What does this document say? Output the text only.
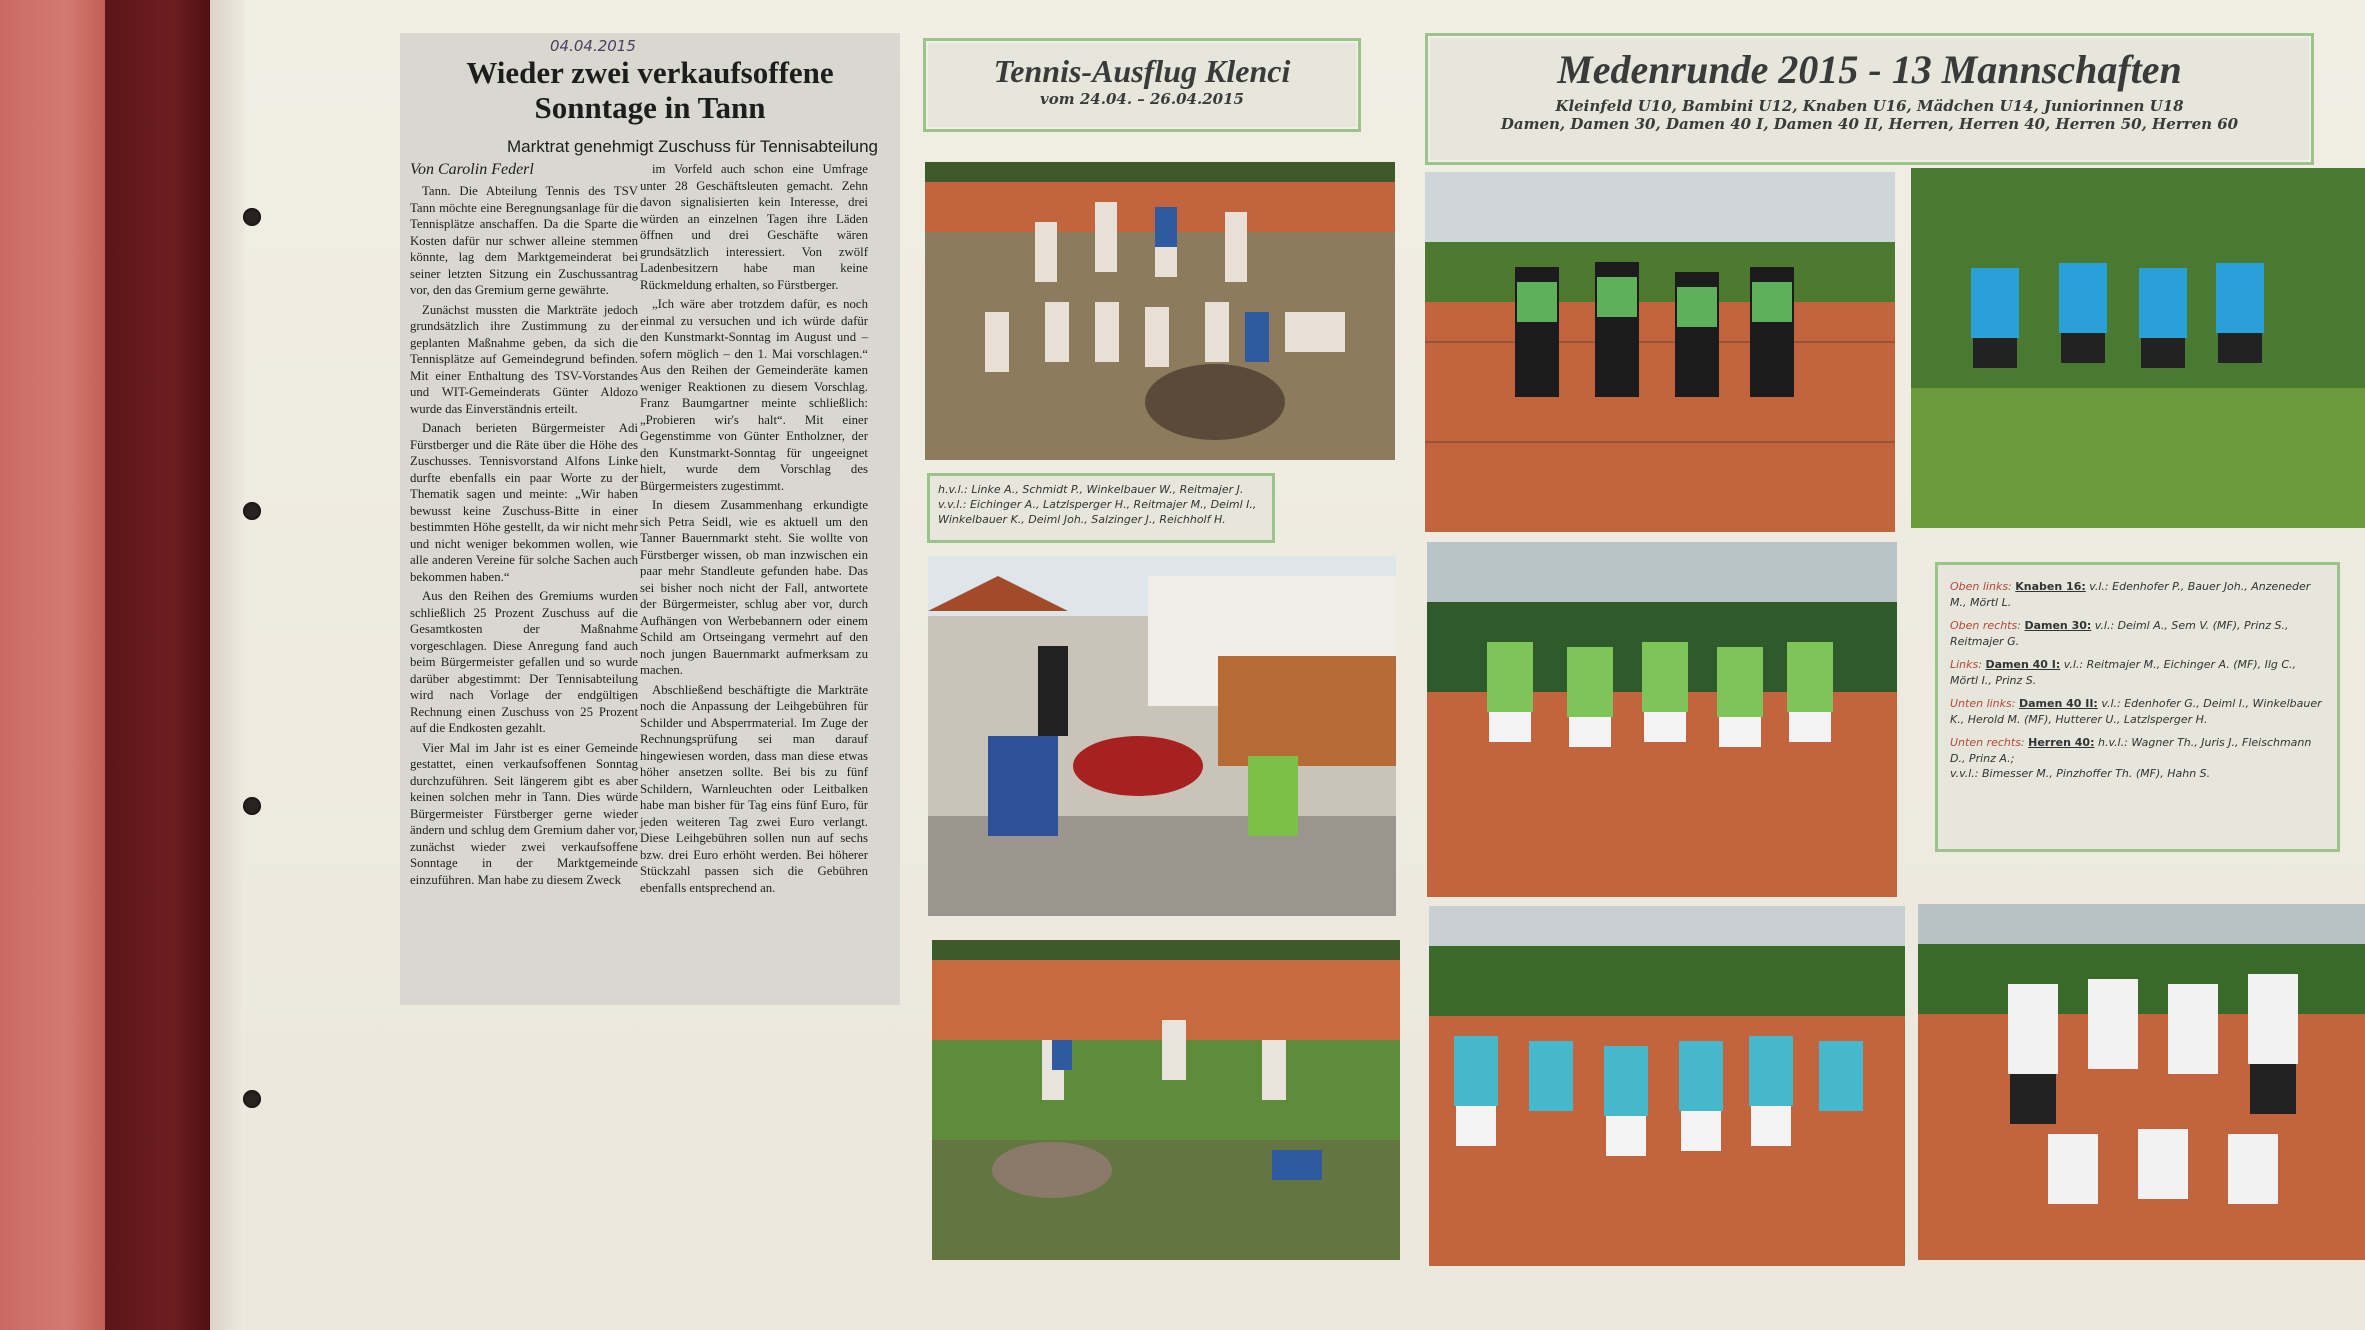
04.04.2015
Wieder zwei verkaufsoffene
Sonntage in Tann
Marktrat genehmigt Zuschuss für Tennisabteilung
Von Carolin Federl

Tann. Die Abteilung Tennis des TSV Tann möchte eine Beregnungsanlage für die Tennisplätze anschaffen. Da die Sparte die Kosten dafür nur schwer alleine stemmen könnte, lag dem Marktgemeinderat bei seiner letzten Sitzung ein Zuschussantrag vor, den das Gremium gerne gewährte.

Zunächst mussten die Markträte jedoch grundsätzlich ihre Zustimmung zu der geplanten Maßnahme geben, da sich die Tennisplätze auf Gemeindegrund befinden. Mit einer Enthaltung des TSV-Vorstandes und WIT-Gemeinderats Günter Aldozo wurde das Einverständnis erteilt.

Danach berieten Bürgermeister Adi Fürstberger und die Räte über die Höhe des Zuschusses. Tennisvorstand Alfons Linke durfte ebenfalls ein paar Worte zu der Thematik sagen und meinte: „Wir haben bewusst keine Zuschuss-Bitte in einer bestimmten Höhe gestellt, da wir nicht mehr und nicht weniger bekommen wollen, wie alle anderen Vereine für solche Sachen auch bekommen haben.“

Aus den Reihen des Gremiums wurden schließlich 25 Prozent Zuschuss auf die Gesamtkosten der Maßnahme vorgeschlagen. Diese Anregung fand auch beim Bürgermeister gefallen und so wurde darüber abgestimmt: Der Tennisabteilung wird nach Vorlage der endgültigen Rechnung einen Zuschuss von 25 Prozent auf die Endkosten gezahlt.

Vier Mal im Jahr ist es einer Gemeinde gestattet, einen verkaufsoffenen Sonntag durchzuführen. Seit längerem gibt es aber keinen solchen mehr in Tann. Dies würde Bürgermeister Fürstberger gerne wieder ändern und schlug dem Gremium daher vor, zunächst wieder zwei verkaufsoffene Sonntage in der Marktgemeinde einzuführen. Man habe zu diesem Zweck

im Vorfeld auch schon eine Umfrage unter 28 Geschäftsleuten gemacht. Zehn davon signalisierten kein Interesse, drei würden an einzelnen Tagen ihre Läden öffnen und drei Geschäfte wären grundsätzlich interessiert. Von zwölf Ladenbesitzern habe man keine Rückmeldung erhalten, so Fürstberger.

„Ich wäre aber trotzdem dafür, es noch einmal zu versuchen und ich würde dafür den Kunstmarkt-Sonntag im August und – sofern möglich – den 1. Mai vorschlagen.“ Aus den Reihen der Gemeinderäte kamen weniger Reaktionen zu diesem Vorschlag. Franz Baumgartner meinte schließlich: „Probieren wir's halt“. Mit einer Gegenstimme von Günter Entholzner, der den Kunstmarkt-Sonntag für ungeeignet hielt, wurde dem Vorschlag des Bürgermeisters zugestimmt.

In diesem Zusammenhang erkundigte sich Petra Seidl, wie es aktuell um den Tanner Bauernmarkt steht. Sie wollte von Fürstberger wissen, ob man inzwischen ein paar mehr Standleute gefunden habe. Das sei bisher noch nicht der Fall, antwortete der Bürgermeister, schlug aber vor, durch Aufhängen von Werbebannern oder einem Schild am Ortseingang vermehrt auf den noch jungen Bauernmarkt aufmerksam zu machen.

Abschließend beschäftigte die Markträte noch die Anpassung der Leihgebühren für Schilder und Absperrmaterial. Im Zuge der Rechnungsprüfung sei man darauf hingewiesen worden, dass man diese etwas höher ansetzen sollte. Bei bis zu fünf Schildern, Warnleuchten oder Leitbalken habe man bisher für Tag eins fünf Euro, für jeden weiteren Tag zwei Euro verlangt. Diese Leihgebühren sollen nun auf sechs bzw. drei Euro erhöht werden. Bei höherer Stückzahl passen sich die Gebühren ebenfalls entsprechend an.

Tennis-Ausflug Klenci
vom 24.04. – 26.04.2015
Medenrunde 2015 - 13 Mannschaften
Kleinfeld U10, Bambini U12, Knaben U16, Mädchen U14, Juniorinnen U18
Damen, Damen 30, Damen 40 I, Damen 40 II, Herren, Herren 40, Herren 50, Herren 60
h.v.l.: Linke A., Schmidt P., Winkelbauer W., Reitmajer J.
v.v.l.: Eichinger A., Latzlsperger H., Reitmajer M., Deiml I.,
Winkelbauer K., Deiml Joh., Salzinger J., Reichholf H.
Oben links: Knaben 16: v.l.: Edenhofer P., Bauer Joh., Anzeneder M., Mörtl L.
Oben rechts: Damen 30: v.l.: Deiml A., Sem V. (MF), Prinz S., Reitmajer G.
Links: Damen 40 I: v.l.: Reitmajer M., Eichinger A. (MF), Ilg C., Mörtl I., Prinz S.
Unten links: Damen 40 II: v.l.: Edenhofer G., Deiml I., Winkelbauer K., Herold M. (MF), Hutterer U., Latzlsperger H.
Unten rechts: Herren 40: h.v.l.: Wagner Th., Juris J., Fleischmann D., Prinz A.;
v.v.l.: Bimesser M., Pinzhoffer Th. (MF), Hahn S.
